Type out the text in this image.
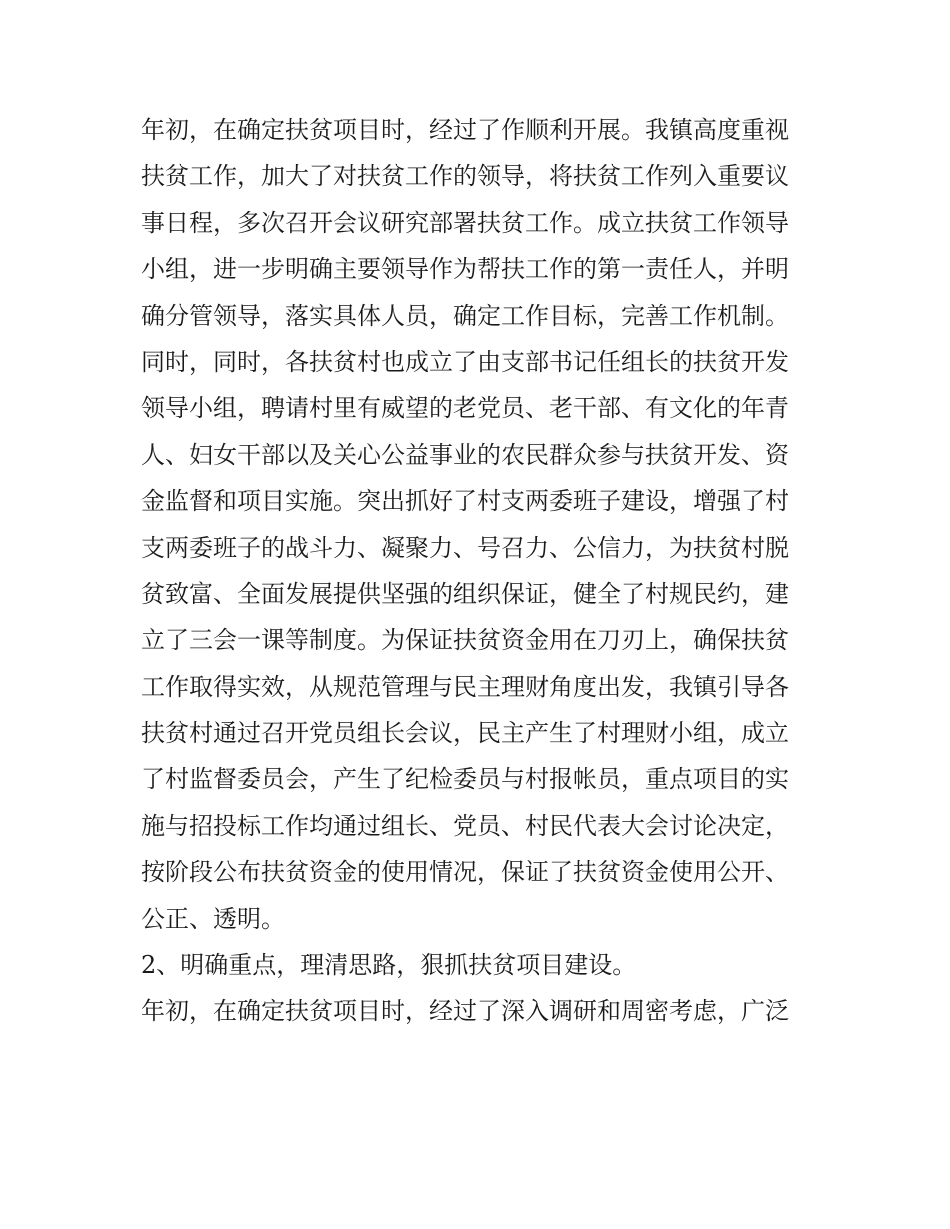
年初，在确定扶贫项目时，经过了作顺利开展。我镇高度重视
扶贫工作，加大了对扶贫工作的领导，将扶贫工作列入重要议
事日程，多次召开会议研究部署扶贫工作。成立扶贫工作领导
小组，进一步明确主要领导作为帮扶工作的第一责任人，并明
确分管领导，落实具体人员，确定工作目标，完善工作机制。
同时，同时，各扶贫村也成立了由支部书记任组长的扶贫开发
领导小组，聘请村里有威望的老党员、老干部、有文化的年青
人、妇女干部以及关心公益事业的农民群众参与扶贫开发、资
金监督和项目实施。突出抓好了村支两委班子建设，增强了村
支两委班子的战斗力、凝聚力、号召力、公信力，为扶贫村脱
贫致富、全面发展提供坚强的组织保证，健全了村规民约，建
立了三会一课等制度。为保证扶贫资金用在刀刃上，确保扶贫
工作取得实效，从规范管理与民主理财角度出发，我镇引导各
扶贫村通过召开党员组长会议，民主产生了村理财小组，成立
了村监督委员会，产生了纪检委员与村报帐员，重点项目的实
施与招投标工作均通过组长、党员、村民代表大会讨论决定，
按阶段公布扶贫资金的使用情况，保证了扶贫资金使用公开、
公正、透明。
2、明确重点，理清思路，狠抓扶贫项目建设。
年初，在确定扶贫项目时，经过了深入调研和周密考虑，广泛
